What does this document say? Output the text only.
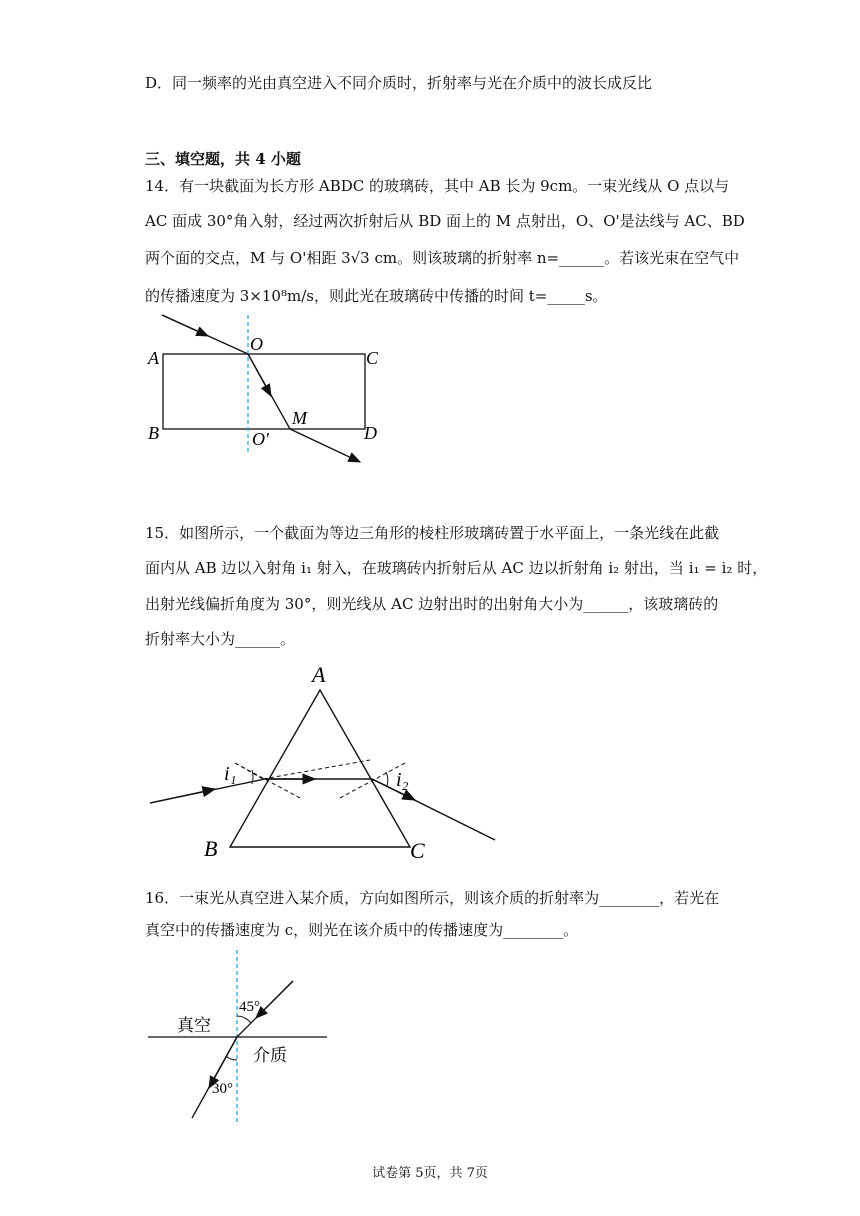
D．同一频率的光由真空进入不同介质时，折射率与光在介质中的波长成反比
三、填空题，共 4 小题
14．有一块截面为长方形 ABDC 的玻璃砖，其中 AB 长为 9cm。一束光线从 O 点以与
AC 面成 30°角入射，经过两次折射后从 BD 面上的 M 点射出，O、O'是法线与 AC、BD
两个面的交点，M 与 O'相距 3√3 cm。则该玻璃的折射率 n=______。若该光束在空气中
的传播速度为 3×10⁸m/s，则此光在玻璃砖中传播的时间 t=_____s。
A
B
C
D
O
O′
M
15．如图所示，一个截面为等边三角形的棱柱形玻璃砖置于水平面上，一条光线在此截
面内从 AB 边以入射角 i₁ 射入，在玻璃砖内折射后从 AC 边以折射角 i₂ 射出，当 i₁ = i₂ 时，
出射光线偏折角度为 30°，则光线从 AC 边射出时的出射角大小为______，该玻璃砖的
折射率大小为______。
A
B	C
i₁	i₂
16．一束光从真空进入某介质，方向如图所示，则该介质的折射率为________，若光在
真空中的传播速度为 c，则光在该介质中的传播速度为________。
真空
介质
45°
30°
试卷第 5页，共 7页
